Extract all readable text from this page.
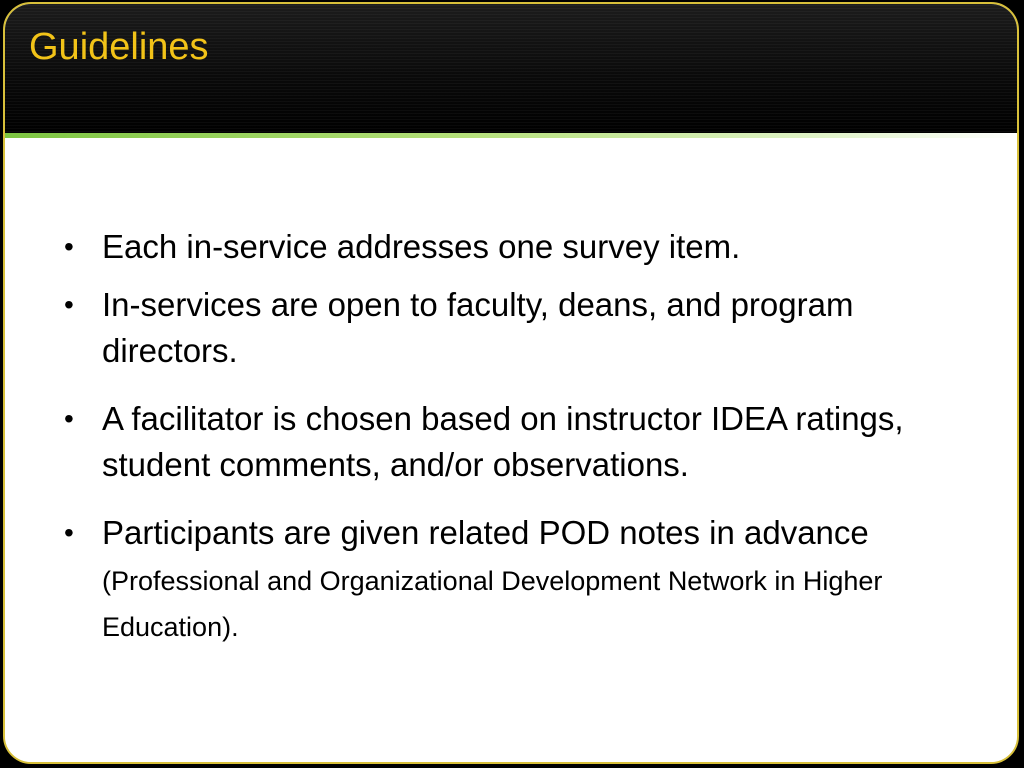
Guidelines
• Each in-service addresses one survey item.
• In-services are open to faculty, deans, and program directors.
• A facilitator is chosen based on instructor IDEA ratings, student comments, and/or observations.
• Participants are given related POD notes in advance (Professional and Organizational Development Network in Higher Education).
